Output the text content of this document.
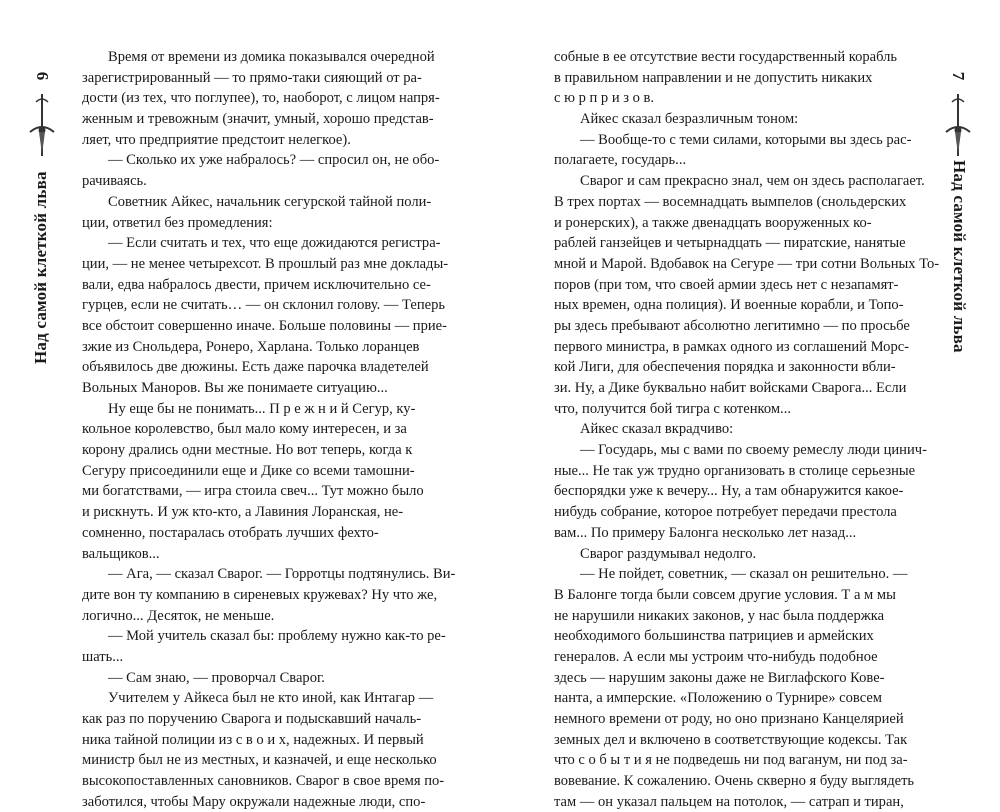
6
Над самой клеткой льва
Время от времени из домика показывался очередной
зарегистрированный — то прямо-таки сияющий от ра-
дости (из тех, что поглупее), то, наоборот, с лицом напря-
женным и тревожным (значит, умный, хорошо представ-
ляет, что предприятие предстоит нелегкое).
— Сколько их уже набралось? — спросил он, не обо-
рачиваясь.
Советник Айкес, начальник сегурской тайной поли-
ции, ответил без промедления:
— Если считать и тех, что еще дожидаются регистра-
ции, — не менее четырехсот. В прошлый раз мне доклады-
вали, едва набралось двести, причем исключительно се-
гурцев, если не считать… — он склонил голову. — Теперь
все обстоит совершенно иначе. Больше половины — прие-
зжие из Снольдера, Ронеро, Харлана. Только лоранцев
объявилось две дюжины. Есть даже парочка владетелей
Вольных Маноров. Вы же понимаете ситуацию...
Ну еще бы не понимать... П р е ж н и й Сегур, ку-
кольное королевство, был мало кому интересен, и за
корону дрались одни местные. Но вот теперь, когда к
Сегуру присоединили еще и Дике со всеми тамошни-
ми богатствами, — игра стоила свеч... Тут можно было
и рискнуть. И уж кто-кто, а Лавиния Лоранская, не-
сомненно, постаралась отобрать лучших фехто-
вальщиков...
— Ага, — сказал Сварог. — Горротцы подтянулись. Ви-
дите вон ту компанию в сиреневых кружевах? Ну что же,
логично... Десяток, не меньше.
— Мой учитель сказал бы: проблему нужно как-то ре-
шать...
— Сам знаю, — проворчал Сварог.
Учителем у Айкеса был не кто иной, как Интагар —
как раз по поручению Сварога и подыскавший началь-
ника тайной полиции из с в о и х, надежных. И первый
министр был не из местных, и казначей, и еще несколько
высокопоставленных сановников. Сварог в свое время по-
заботился, чтобы Мару окружали надежные люди, спо-
собные в ее отсутствие вести государственный корабль
в правильном направлении и не допустить никаких
с ю р п р и з о в.
Айкес сказал безразличным тоном:
— Вообще-то с теми силами, которыми вы здесь рас-
полагаете, государь...
Сварог и сам прекрасно знал, чем он здесь располагает.
В трех портах — восемнадцать вымпелов (снольдерских
и ронерских), а также двенадцать вооруженных ко-
раблей ганзейцев и четырнадцать — пиратские, нанятые
мной и Марой. Вдобавок на Сегуре — три сотни Вольных То-
поров (при том, что своей армии здесь нет с незапамят-
ных времен, одна полиция). И военные корабли, и Топо-
ры здесь пребывают абсолютно легитимно — по просьбе
первого министра, в рамках одного из соглашений Морс-
кой Лиги, для обеспечения порядка и законности вбли-
зи. Ну, а Дике буквально набит войсками Сварога... Если
что, получится бой тигра с котенком...
Айкес сказал вкрадчиво:
— Государь, мы с вами по своему ремеслу люди цинич-
ные... Не так уж трудно организовать в столице серьезные
беспорядки уже к вечеру... Ну, а там обнаружится какое-
нибудь собрание, которое потребует передачи престола
вам... По примеру Балонга несколько лет назад...
Сварог раздумывал недолго.
— Не пойдет, советник, — сказал он решительно. —
В Балонге тогда были совсем другие условия. Т а м мы
не нарушили никаких законов, у нас была поддержка
необходимого большинства патрициев и армейских
генералов. А если мы устроим что-нибудь подобное
здесь — нарушим законы даже не Виглафского Кове-
нанта, а имперские. «Положению о Турнире» совсем
немного времени от роду, но оно признано Канцелярией
земных дел и включено в соответствующие кодексы. Так
что с о б ы т и я не подведешь ни под ваганум, ни под за-
вовевание. К сожалению. Очень скверно я буду выглядеть
там — он указал пальцем на потолок, — сатрап и тиран,
7
Над самой клеткой льва
